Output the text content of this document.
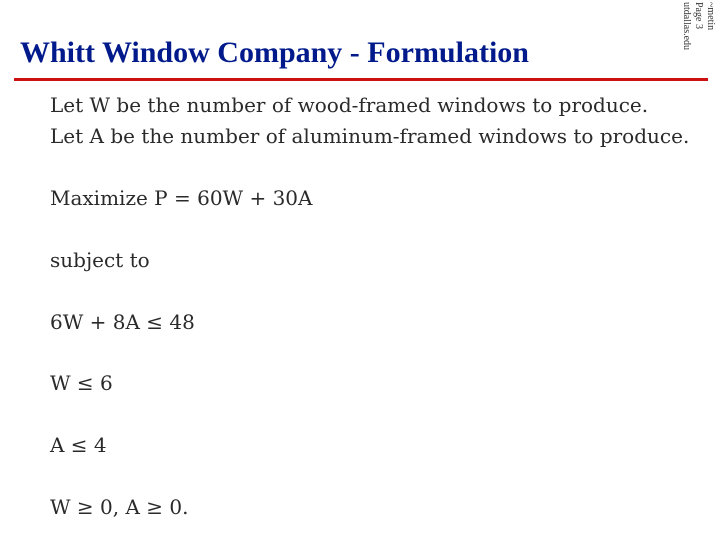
Whitt Window Company - Formulation
~metin
Page 3
utdallas.edu
Let W be the number of wood-framed windows to produce.
Let A be the number of aluminum-framed windows to produce.
Maximize P = 60W + 30A
subject to
6W + 8A ≤ 48
W ≤ 6
A ≤ 4
W ≥ 0, A ≥ 0.
